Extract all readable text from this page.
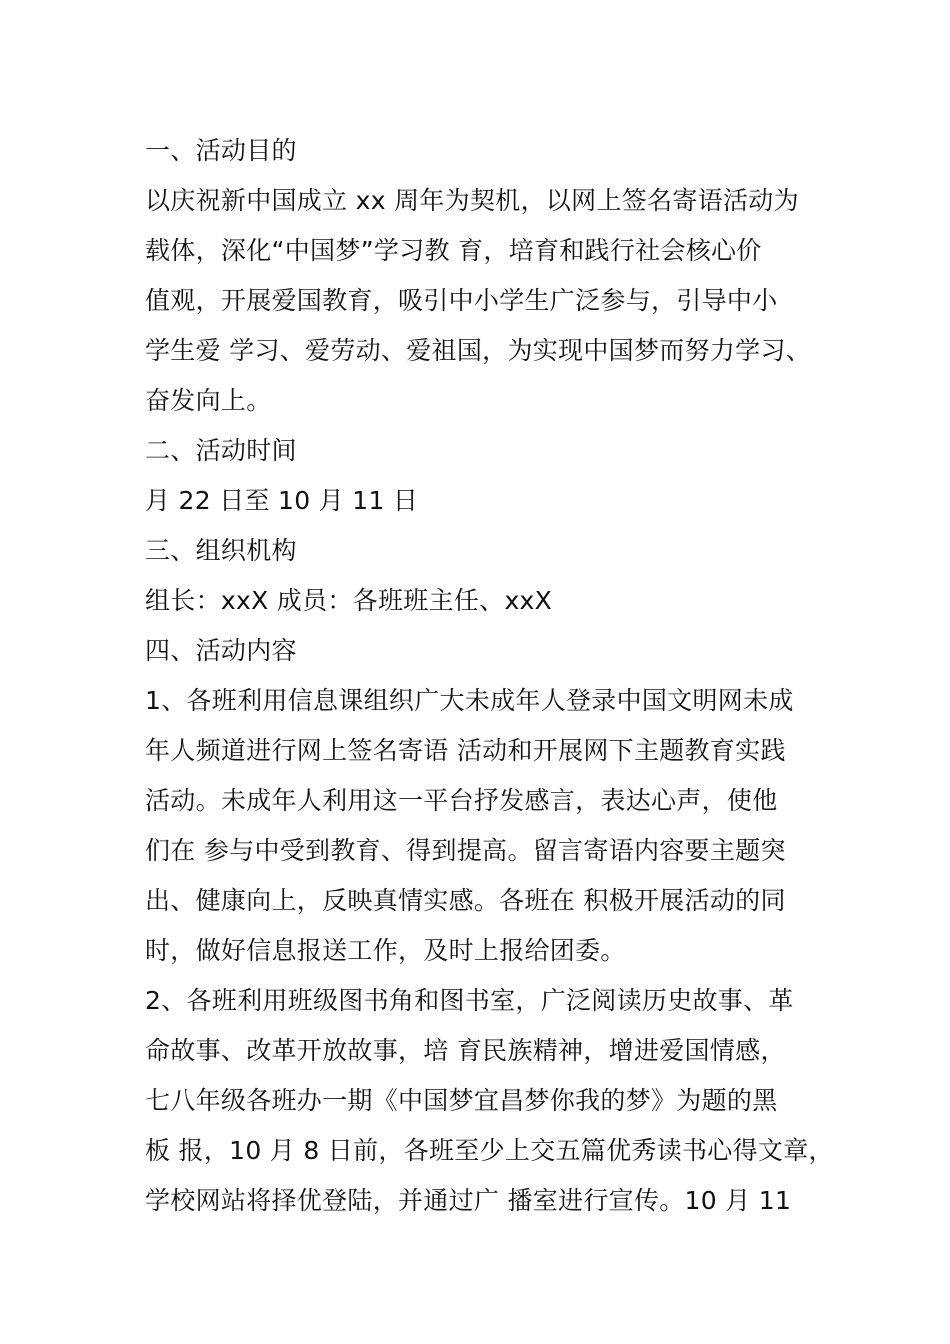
一、活动目的
以庆祝新中国成立 xx 周年为契机，以网上签名寄语活动为
载体，深化“中国梦”学习教 育，培育和践行社会核心价
值观，开展爱国教育，吸引中小学生广泛参与，引导中小
学生爱 学习、爱劳动、爱祖国，为实现中国梦而努力学习、
奋发向上。
二、活动时间
月 22 日至 10 月 11 日
三、组织机构
组长：xxX 成员：各班班主任、xxX
四、活动内容
1、各班利用信息课组织广大未成年人登录中国文明网未成
年人频道进行网上签名寄语 活动和开展网下主题教育实践
活动。未成年人利用这一平台抒发感言，表达心声，使他
们在 参与中受到教育、得到提高。留言寄语内容要主题突
出、健康向上，反映真情实感。各班在 积极开展活动的同
时，做好信息报送工作，及时上报给团委。
2、各班利用班级图书角和图书室，广泛阅读历史故事、革
命故事、改革开放故事，培 育民族精神，增进爱国情感，
七八年级各班办一期《中国梦宜昌梦你我的梦》为题的黑
板 报，10 月 8 日前，各班至少上交五篇优秀读书心得文章，
学校网站将择优登陆，并通过广 播室进行宣传。10 月 11
